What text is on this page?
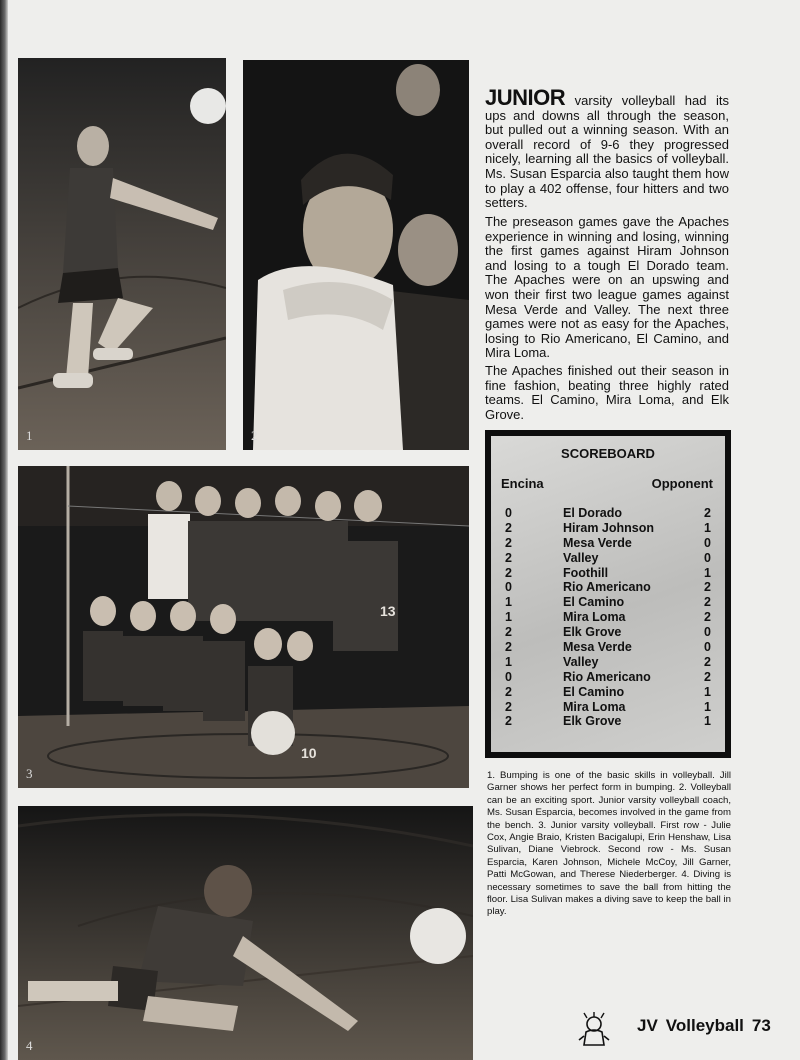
1	2
10
13
3
4
JUNIOR varsity volleyball had its ups and downs all through the season, but pulled out a winning season. With an overall record of 9-6 they progressed nicely, learning all the basics of volleyball. Ms. Susan Esparcia also taught them how to play a 402 offense, four hitters and two setters.
The preseason games gave the Apaches experience in winning and losing, winning the first games against Hiram Johnson and losing to a tough El Dorado team. The Apaches were on an upswing and won their first two league games against Mesa Verde and Valley. The next three games were not as easy for the Apaches, losing to Rio Americano, El Camino, and Mira Loma.
The Apaches finished out their season in fine fashion, beating three highly rated teams. El Camino, Mira Loma, and Elk Grove.
SCOREBOARD
Encina	Opponent
0	El Dorado	2
2	Hiram Johnson	1
2	Mesa Verde	0
2	Valley	0
2	Foothill	1
0	Rio Americano	2
1	El Camino	2
1	Mira Loma	2
2	Elk Grove	0
2	Mesa Verde	0
1	Valley	2
0	Rio Americano	2
2	El Camino	1
2	Mira Loma	1
2	Elk Grove	1
1. Bumping is one of the basic skills in volleyball. Jill Garner shows her perfect form in bumping. 2. Volleyball can be an exciting sport. Junior varsity volleyball coach, Ms. Susan Esparcia, becomes involved in the game from the bench. 3. Junior varsity volleyball. First row - Julie Cox, Angie Braio, Kristen Bacigalupi, Erin Henshaw, Lisa Sulivan, Diane Viebrock. Second row - Ms. Susan Esparcia, Karen Johnson, Michele McCoy, Jill Garner, Patti McGowan, and Therese Niederberger. 4. Diving is necessary sometimes to save the ball from hitting the floor. Lisa Sulivan makes a diving save to keep the ball in play.
JV Volleyball 73
